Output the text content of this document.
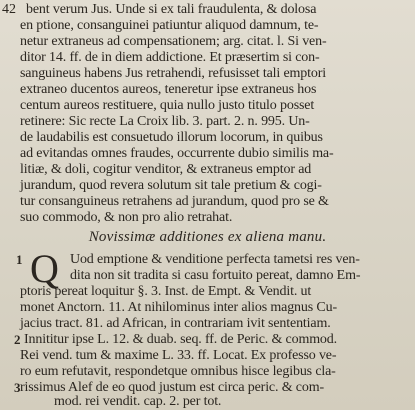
42 bent verum Jus. Unde si ex tali fraudulenta, & dolosa
en ptione, consanguinei patiuntur aliquod damnum, te-
netur extraneus ad compensationem; arg. citat. l. Si ven-
ditor 14. ff. de in diem addictione. Et præsertim si con-
sanguineus habens Jus retrahendi, refusisset tali emptori
extraneo ducentos aureos, teneretur ipse extraneus hos
centum aureos restituere, quia nullo justo titulo posset
retinere: Sic recte La Croix lib. 3. part. 2. n. 995. Un-
de laudabilis est consuetudo illorum locorum, in quibus
ad evitandas omnes fraudes, occurrente dubio similis ma-
litiæ, & doli, cogitur venditor, & extraneus emptor ad
jurandum, quod revera solutum sit tale pretium & cogi-
tur consanguineus retrahens ad jurandum, quod pro se &
suo commodo, & non pro alio retrahat.
Novissimæ additiones ex aliena manu.
1 Q Uod emptione & venditione perfecta tametsi res ven-
dita non sit tradita si casu fortuito pereat, damno Em-
ptoris pereat loquitur §. 3. Inst. de Empt. & Vendit. ut
monet Anctorn. 11. At nihilominus inter alios magnus Cu-
jacius tract. 81. ad African, in contrariam ivit sententiam.
2 Innititur ipse L. 12. & duab. seq. ff. de Peric. & commod.
Rei vend. tum & maxime L. 33. ff. Locat. Ex professo ve-
ro eum refutavit, respondetque omnibus hisce legibus cla-
3 rissimus Alef de eo quod justum est circa peric. & com-
mod. rei vendit. cap. 2. per tot.
